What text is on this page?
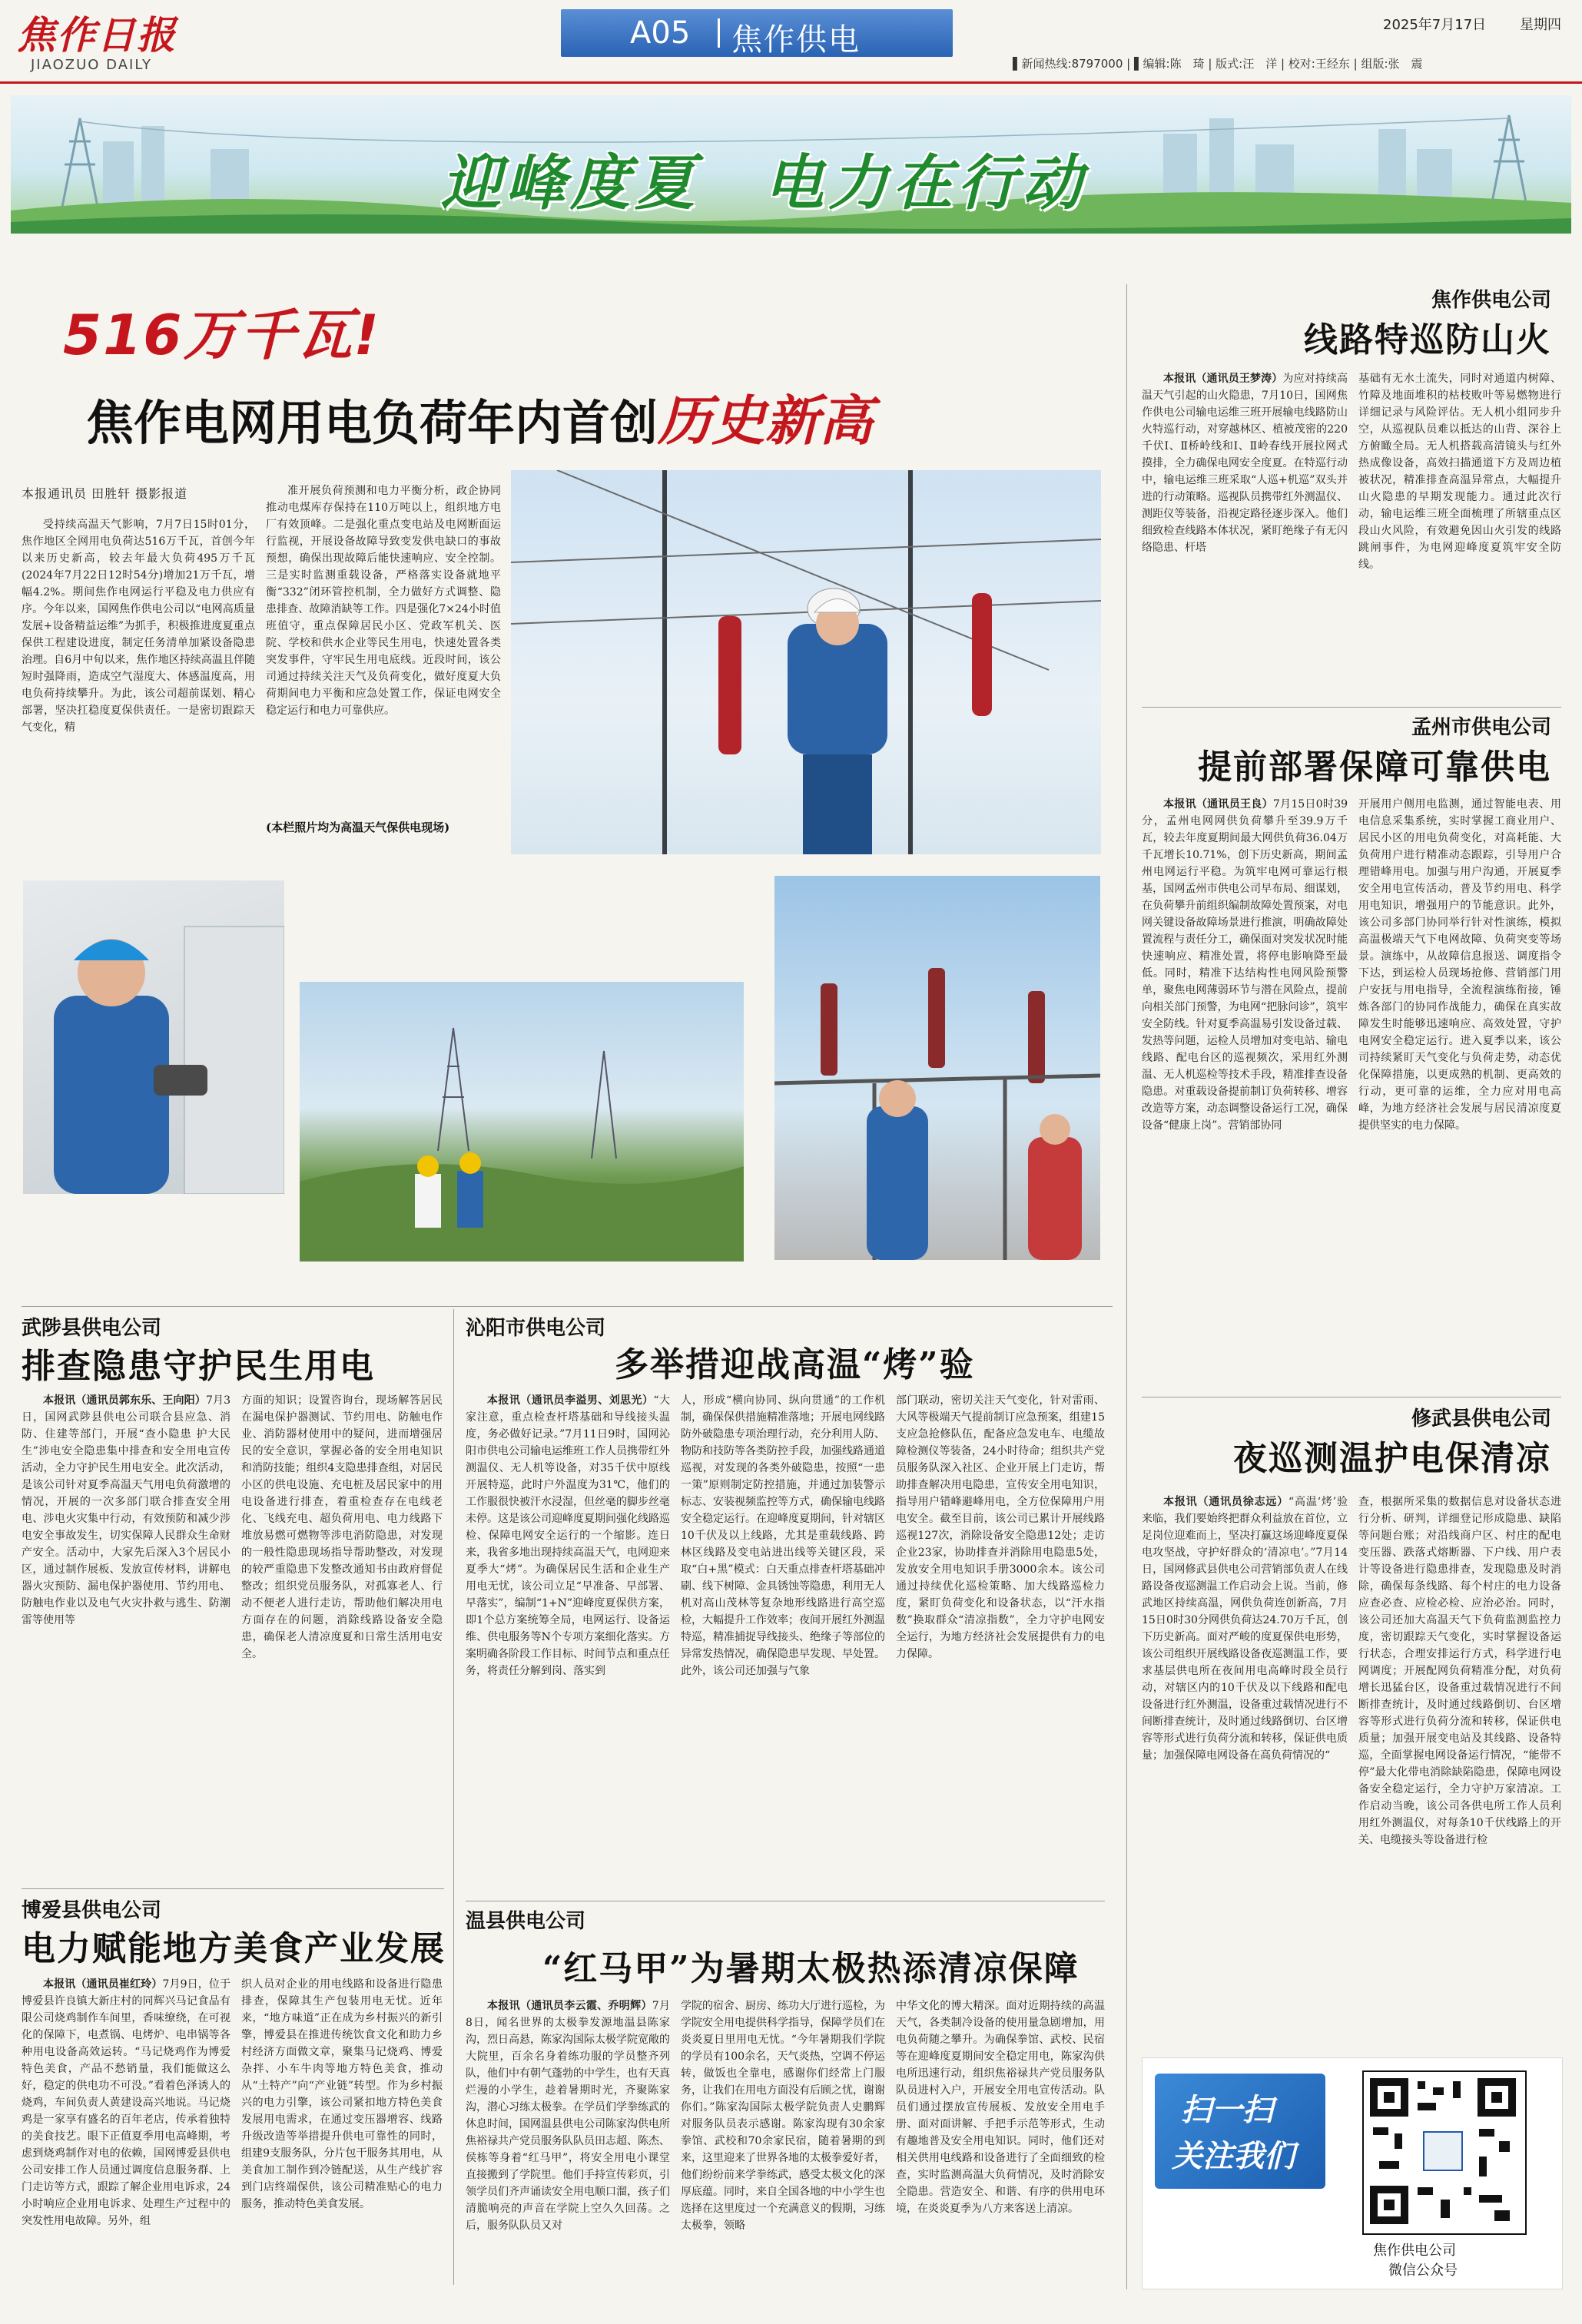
焦作日报
JIAOZUO DAILY
A05 焦作供电	2025年7月17日 星期四
▌新闻热线:8797000 | ▌编辑:陈　琦 | 版式:汪　洋 | 校对:王经东 | 组版:张　震
迎峰度夏　电力在行动
516万千瓦!
焦作电网用电负荷年内首创历史新高
本报通讯员 田胜轩 摄影报道

受持续高温天气影响，7月7日15时01分，焦作地区全网用电负荷达516万千瓦，首创今年以来历史新高，较去年最大负荷495万千瓦(2024年7月22日12时54分)增加21万千瓦，增幅4.2%。期间焦作电网运行平稳及电力供应有序。今年以来，国网焦作供电公司以“电网高质量发展+设备精益运维”为抓手，积极推进度夏重点保供工程建设进度，制定任务清单加紧设备隐患治理。自6月中旬以来，焦作地区持续高温且伴随短时强降雨，造成空气湿度大、体感温度高，用电负荷持续攀升。为此，该公司超前谋划、精心部署，坚决扛稳度夏保供责任。一是密切跟踪天气变化，精

准开展负荷预测和电力平衡分析，政企协同推动电煤库存保持在110万吨以上，组织地方电厂有效顶峰。二是强化重点变电站及电网断面运行监视，开展设备故障导致变发供电缺口的事故预想，确保出现故障后能快速响应、安全控制。三是实时监测重载设备，严格落实设备就地平衡“332”闭环管控机制，全力做好方式调整、隐患排查、故障消缺等工作。四是强化7×24小时值班值守，重点保障居民小区、党政军机关、医院、学校和供水企业等民生用电，快速处置各类突发事件，守牢民生用电底线。近段时间，该公司通过持续关注天气及负荷变化，做好度夏大负荷期间电力平衡和应急处置工作，保证电网安全稳定运行和电力可靠供应。

(本栏照片均为高温天气保供电现场)
焦作供电公司
线路特巡防山火

本报讯（通讯员王梦涛）为应对持续高温天气引起的山火隐患，7月10日，国网焦作供电公司输电运维三班开展输电线路防山火特巡行动，对穿越林区、植被茂密的220千伏Ⅰ、Ⅱ桥岭线和Ⅰ、Ⅱ岭春线开展拉网式摸排，全力确保电网安全度夏。在特巡行动中，输电运维三班采取“人巡+机巡”双头并进的行动策略。巡视队员携带红外测温仪、测距仪等装备，沿视定路径逐步深入。他们细致检查线路本体状况，紧盯绝缘子有无闪络隐患、杆塔

基础有无水土流失，同时对通道内树障、竹障及地面堆积的枯枝败叶等易燃物进行详细记录与风险评估。无人机小组同步升空，从巡视队员难以抵达的山背、深谷上方俯瞰全局。无人机搭载高清镜头与红外热成像设备，高效扫描通道下方及周边植被状况，精准排查高温异常点，大幅提升山火隐患的早期发现能力。通过此次行动，输电运维三班全面梳理了所辖重点区段山火风险，有效避免因山火引发的线路跳闸事件，为电网迎峰度夏筑牢安全防线。

孟州市供电公司
提前部署保障可靠供电

本报讯（通讯员王良）7月15日0时39分，孟州电网网供负荷攀升至39.9万千瓦，较去年度夏期间最大网供负荷36.04万千瓦增长10.71%，创下历史新高，期间孟州电网运行平稳。为筑牢电网可靠运行根基，国网孟州市供电公司早布局、细谋划，在负荷攀升前组织编制故障处置预案，对电网关键设备故障场景进行推演，明确故障处置流程与责任分工，确保面对突发状况时能快速响应、精准处置，将停电影响降至最低。同时，精准下达结构性电网风险预警单，聚焦电网薄弱环节与潜在风险点，提前向相关部门预警，为电网“把脉问诊”，筑牢安全防线。针对夏季高温易引发设备过载、发热等问题，运检人员增加对变电站、输电线路、配电台区的巡视频次，采用红外测温、无人机巡检等技术手段，精准排查设备隐患。对重载设备提前制订负荷转移、增容改造等方案，动态调整设备运行工况，确保设备“健康上岗”。营销部协同

开展用户侧用电监测，通过智能电表、用电信息采集系统，实时掌握工商业用户、居民小区的用电负荷变化，对高耗能、大负荷用户进行精准动态跟踪，引导用户合理错峰用电。加强与用户沟通，开展夏季安全用电宣传活动，普及节约用电、科学用电知识，增强用户的节能意识。此外，该公司多部门协同举行针对性演练，模拟高温极端天气下电网故障、负荷突变等场景。演练中，从故障信息报送、调度指令下达，到运检人员现场抢修、营销部门用户安抚与用电指导，全流程演练衔接，锤炼各部门的协同作战能力，确保在真实故障发生时能够迅速响应、高效处置，守护电网安全稳定运行。进入夏季以来，该公司持续紧盯天气变化与负荷走势，动态优化保障措施，以更成熟的机制、更高效的行动，更可靠的运维，全力应对用电高峰，为地方经济社会发展与居民清凉度夏提供坚实的电力保障。

修武县供电公司
夜巡测温护电保清凉

本报讯（通讯员徐志远）“高温‘烤’验来临，我们要始终把群众利益放在首位，立足岗位迎难而上，坚决打赢这场迎峰度夏保电攻坚战，守护好群众的‘清凉电’。”7月14日，国网修武县供电公司营销部负责人在线路设备夜巡测温工作启动会上说。当前，修武地区持续高温，网供负荷连创新高，7月15日0时30分网供负荷达24.70万千瓦，创下历史新高。面对严峻的度夏保供电形势，该公司组织开展线路设备夜巡测温工作，要求基层供电所在夜间用电高峰时段全员行动，对辖区内的10千伏及以下线路和配电设备进行红外测温，设备重过载情况进行不间断排查统计，及时通过线路倒切、台区增容等形式进行负荷分流和转移，保证供电质量；加强保障电网设备在高负荷情况的“

查，根据所采集的数据信息对设备状态进行分析、研判，详细登记形成隐患、缺陷等问题台账；对沿线商户区、村庄的配电变压器、跌落式熔断器、下户线、用户表计等设备进行隐患排查，发现隐患及时消除，确保每条线路、每个村庄的电力设备应查必查、应检必检、应治必治。同时，该公司还加大高温天气下负荷监测监控力度，密切跟踪天气变化，实时掌握设备运行状态，合理安排运行方式，科学进行电网调度；开展配网负荷精准分配，对负荷增长迅猛台区，设备重过载情况进行不间断排查统计，及时通过线路倒切、台区增容等形式进行负荷分流和转移，保证供电质量；加强开展变电站及其线路、设备特巡，全面掌握电网设备运行情况，“能带不停”最大化带电消除缺陷隐患，保障电网设备安全稳定运行，全力守护万家清凉。工作启动当晚，该公司各供电所工作人员利用红外测温仪，对每条10千伏线路上的开关、电缆接头等设备进行检

扫一扫
关注我们
焦作供电公司
微信公众号
武陟县供电公司
排查隐患守护民生用电

本报讯（通讯员郭东乐、王向阳）7月3日，国网武陟县供电公司联合县应急、消防、住建等部门，开展“查小隐患 护大民生”涉电安全隐患集中排查和安全用电宣传活动，全力守护民生用电安全。此次活动，是该公司针对夏季高温天气用电负荷激增的情况，开展的一次多部门联合排查安全用电、涉电火灾集中行动，有效预防和减少涉电安全事故发生，切实保障人民群众生命财产安全。活动中，大家先后深入3个居民小区，通过制作展板、发放宣传材料，讲解电器火灾预防、漏电保护器使用、节约用电、防触电作业以及电气火灾扑救与逃生、防潮雷等使用等

方面的知识；设置咨询台，现场解答居民在漏电保护器测试、节约用电、防触电作业、消防器材使用中的疑问，进而增强居民的安全意识，掌握必备的安全用电知识和消防技能；组织4支隐患排查组，对居民小区的供电设施、充电桩及居民家中的用电设备进行排查，着重检查存在电线老化、飞线充电、超负荷用电、电力线路下堆放易燃可燃物等涉电消防隐患，对发现的一般性隐患现场指导帮助整改，对发现的较严重隐患下发整改通知书由政府督促整改；组织党员服务队，对孤寡老人、行动不便老人进行走访，帮助他们解决用电方面存在的问题，消除线路设备安全隐患，确保老人清凉度夏和日常生活用电安全。

沁阳市供电公司
多举措迎战高温“烤”验

本报讯（通讯员李溢男、刘思光）“大家注意，重点检查杆塔基础和导线接头温度，务必做好记录。”7月11日9时，国网沁阳市供电公司输电运维班工作人员携带红外测温仪、无人机等设备，对35千伏中原线开展特巡，此时户外温度为31℃，他们的工作服很快被汗水浸湿，但丝毫的脚步丝毫未停。这是该公司迎峰度夏期间强化线路巡检、保障电网安全运行的一个缩影。连日来，我省多地出现持续高温天气，电网迎来夏季大“烤”。为确保居民生活和企业生产用电无忧，该公司立足“早准备、早部署、早落实”，编制“1+N”迎峰度夏保供方案，即1个总方案统筹全局，电网运行、设备运维、供电服务等N个专项方案细化落实。方案明确各阶段工作目标、时间节点和重点任务，将责任分解到岗、落实到

人，形成“横向协同、纵向贯通”的工作机制，确保保供措施精准落地；开展电网线路防外破隐患专项治理行动，充分利用人防、物防和技防等各类防控手段，加强线路通道巡视，对发现的各类外破隐患，按照“一患一策”原则制定防控措施，并通过加装警示标志、安装视频监控等方式，确保输电线路安全稳定运行。在迎峰度夏期间，针对辖区10千伏及以上线路，尤其是重载线路、跨林区线路及变电站进出线等关键区段，采取“白+黑”模式：白天重点排查杆塔基础冲刷、线下树障、金具锈蚀等隐患，利用无人机对高山茂林等复杂地形线路进行高空巡检，大幅提升工作效率；夜间开展红外测温特巡，精准捕捉导线接头、绝缘子等部位的异常发热情况，确保隐患早发现、早处置。此外，该公司还加强与气象

部门联动，密切关注天气变化，针对雷雨、大风等极端天气提前制订应急预案，组建15支应急抢修队伍，配备应急发电车、电缆故障检测仪等装备，24小时待命；组织共产党员服务队深入社区、企业开展上门走访，帮助排查解决用电隐患，宣传安全用电知识，指导用户错峰避峰用电，全方位保障用户用电安全。截至目前，该公司已累计开展线路巡视127次，消除设备安全隐患12处；走访企业23家，协助排查并消除用电隐患5处，发放安全用电知识手册3000余本。该公司通过持续优化巡检策略、加大线路巡检力度，紧盯负荷变化和设备状态，以“汗水指数”换取群众“清凉指数”，全力守护电网安全运行，为地方经济社会发展提供有力的电力保障。

博爱县供电公司
电力赋能地方美食产业发展

本报讯（通讯员崔红玲）7月9日，位于博爱县许良镇大新庄村的同辉兴马记食品有限公司烧鸡制作车间里，香味缭绕，在可视化的保障下，电煮锅、电烤炉、电串锅等各种用电设备高效运转。“马记烧鸡作为博爱特色美食，产品不愁销量，我们能做这么好，稳定的供电功不可没。”看着色泽诱人的烧鸡，车间负责人黄建设高兴地说。马记烧鸡是一家享有盛名的百年老店，传承着独特的美食技艺。眼下正值夏季用电高峰期，考虑到烧鸡制作对电的依赖，国网博爱县供电公司安排工作人员通过调度信息服务群、上门走访等方式，跟踪了解企业用电诉求，24小时响应企业用电诉求、处理生产过程中的突发性用电故障。另外，组

织人员对企业的用电线路和设备进行隐患排查，保障其生产包装用电无忧。近年来，“地方味道”正在成为乡村振兴的新引擎，博爱县在推进传统饮食文化和助力乡村经济方面做文章，聚集马记烧鸡、博爱杂拌、小车牛肉等地方特色美食，推动从“土特产”向“产业链”转型。作为乡村振兴的电力引擎，该公司紧扣地方特色美食发展用电需求，在通过变压器增容、线路升级改造等举措提升供电可靠性的同时，组建9支服务队，分片包干服务其用电，从美食加工制作到冷链配送，从生产线扩容到门店终端保供，该公司精准贴心的电力服务，推动特色美食发展。

温县供电公司
“红马甲”为暑期太极热添清凉保障

本报讯（通讯员李云霞、乔明辉）7月8日，闻名世界的太极拳发源地温县陈家沟，烈日高悬，陈家沟国际太极学院宽敞的大院里，百余名身着练功服的学员整齐列队，他们中有朝气蓬勃的中学生，也有天真烂漫的小学生，趁着暑期时光，齐聚陈家沟，潜心习练太极拳。在学员们学拳练武的休息时间，国网温县供电公司陈家沟供电所焦裕禄共产党员服务队队员田志超、陈杰、侯栋等身着“红马甲”，将安全用电小课堂直接搬到了学院里。他们手持宣传彩页，引领学员们齐声诵读安全用电顺口溜，孩子们清脆响亮的声音在学院上空久久回荡。之后，服务队队员又对

学院的宿舍、厨房、练功大厅进行巡检，为学院安全用电提供科学指导，保障学员们在炎炎夏日里用电无忧。“今年暑期我们学院的学员有100余名，天气炎热，空调不停运转，做饭也全靠电，感谢你们经常上门服务，让我们在用电方面没有后顾之忧，谢谢你们。”陈家沟国际太极学院负责人史鹏辉对服务队员表示感谢。陈家沟现有30余家拳馆、武校和70余家民宿，随着暑期的到来，这里迎来了世界各地的太极拳爱好者，他们纷纷前来学拳练武，感受太极文化的深厚底蕴。同时，来自全国各地的中小学生也选择在这里度过一个充满意义的假期，习练太极拳，领略

中华文化的博大精深。面对近期持续的高温天气，各类制冷设备的使用量急剧增加，用电负荷随之攀升。为确保拳馆、武校、民宿等在迎峰度夏期间安全稳定用电，陈家沟供电所迅速行动，组织焦裕禄共产党员服务队队员进村入户，开展安全用电宣传活动。队员们通过摆放宣传展板、发放安全用电手册、面对面讲解、手把手示范等形式，生动有趣地普及安全用电知识。同时，他们还对相关供用电线路和设备进行了全面细致的检查，实时监测高温大负荷情况，及时消除安全隐患。营造安全、和谐、有序的供用电环境，在炎炎夏季为八方来客送上清凉。
